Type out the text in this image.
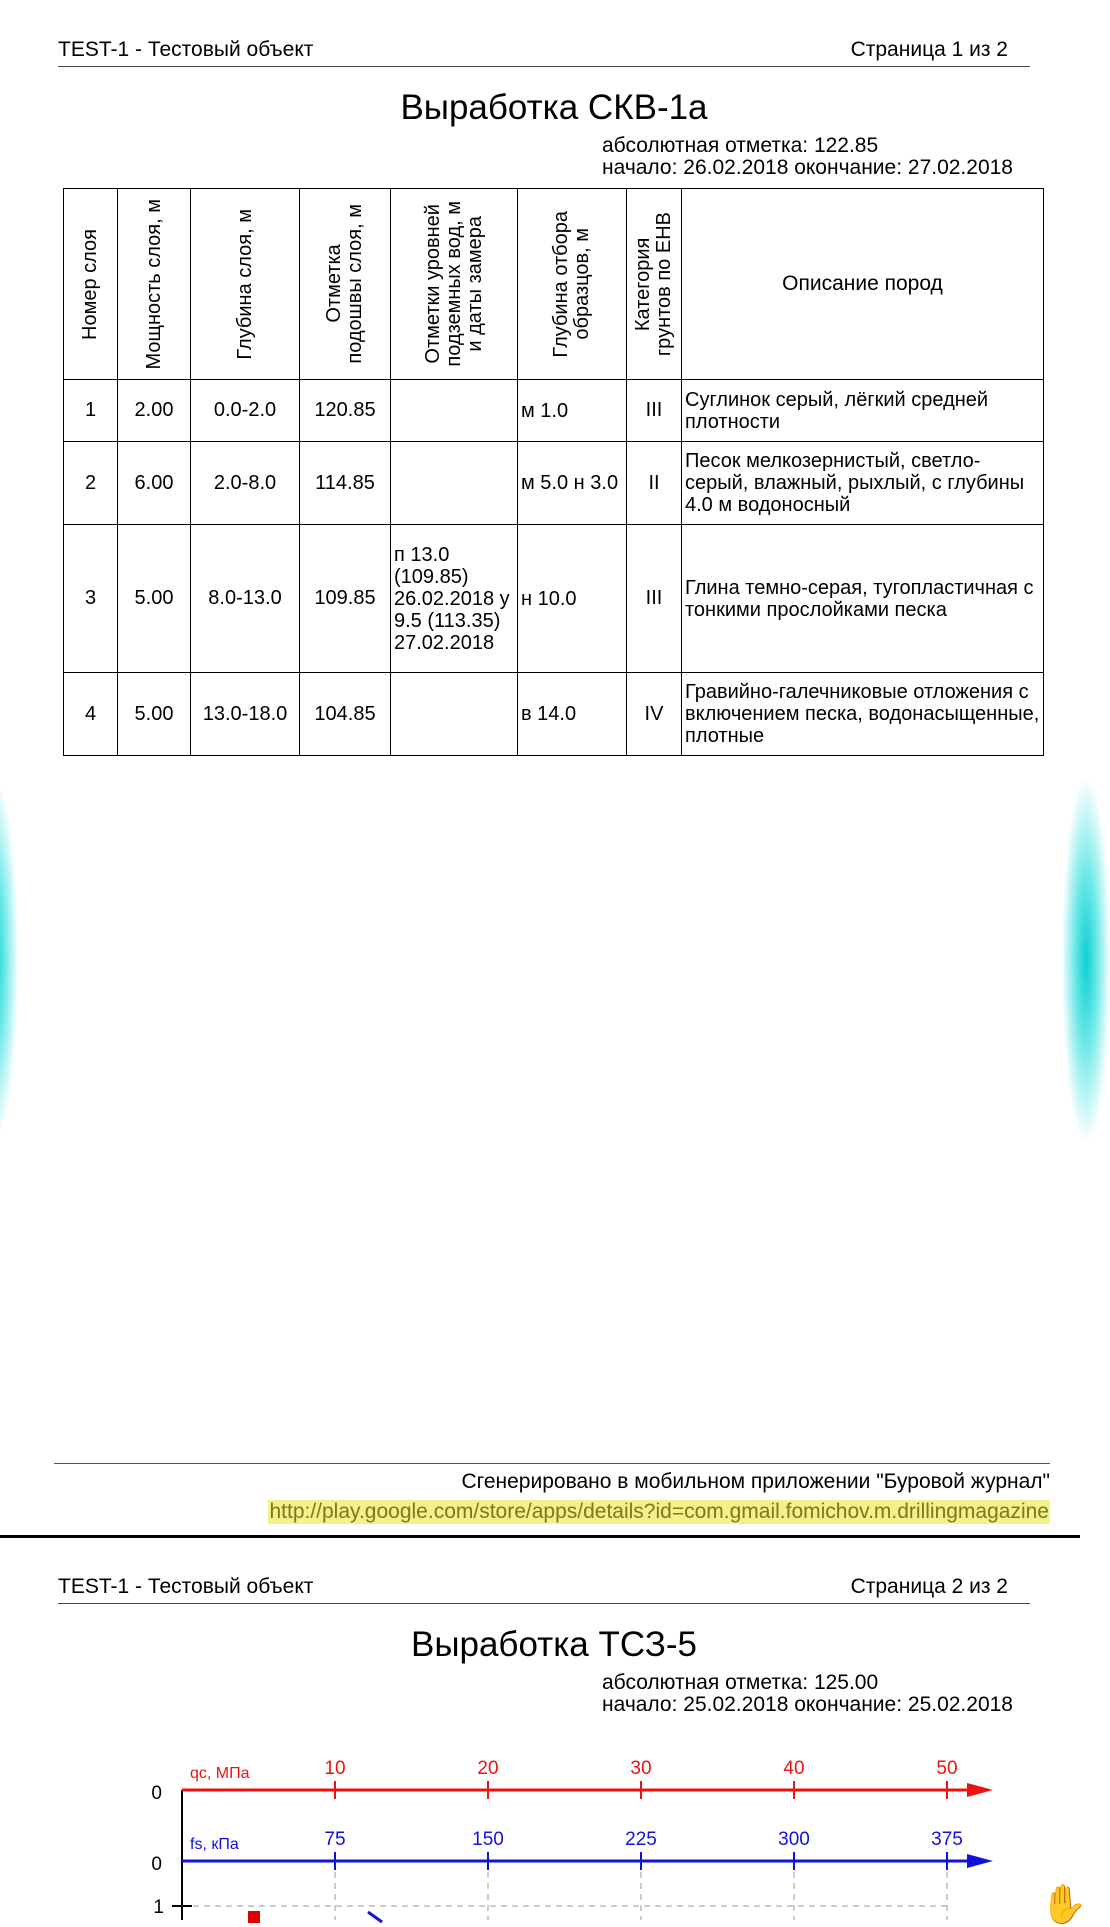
TEST-1 - Тестовый объект	Страница 1 из 2
Выработка СКВ-1а
абсолютная отметка: 122.85
начало: 26.02.2018 окончание: 27.02.2018
Номер слоя	Мощность слоя, м	Глубина слоя, м	Отметка
подошвы слоя, м	Отметки уровней
подземных вод, м
и даты замера	Глубина отбора
образцов, м	Категория
грунтов по ЕНВ	Описание пород
1	2.00	0.0-2.0	120.85		м 1.0	III	Суглинок серый, лёгкий средней плотности
2	6.00	2.0-8.0	114.85		м 5.0 н 3.0	II	Песок мелкозернистый, светло-серый, влажный, рыхлый, с глубины 4.0 м водоносный
3	5.00	8.0-13.0	109.85	п 13.0 (109.85) 26.02.2018 у 9.5 (113.35) 27.02.2018	н 10.0	III	Глина темно-серая, тугопластичная с тонкими прослойками песка
4	5.00	13.0-18.0	104.85		в 14.0	IV	Гравийно-галечниковые отложения с включением песка, водонасыщенные, плотные
Сгенерировано в мобильном приложении "Буровой журнал"
http://play.google.com/store/apps/details?id=com.gmail.fomichov.m.drillingmagazine
TEST-1 - Тестовый объект	Страница 2 из 2
Выработка ТСЗ-5
абсолютная отметка: 125.00
начало: 25.02.2018 окончание: 25.02.2018
1
qc, МПа
0
10	20	30	40	50
fs, кПа
0
75	150	225	300	375
✋
